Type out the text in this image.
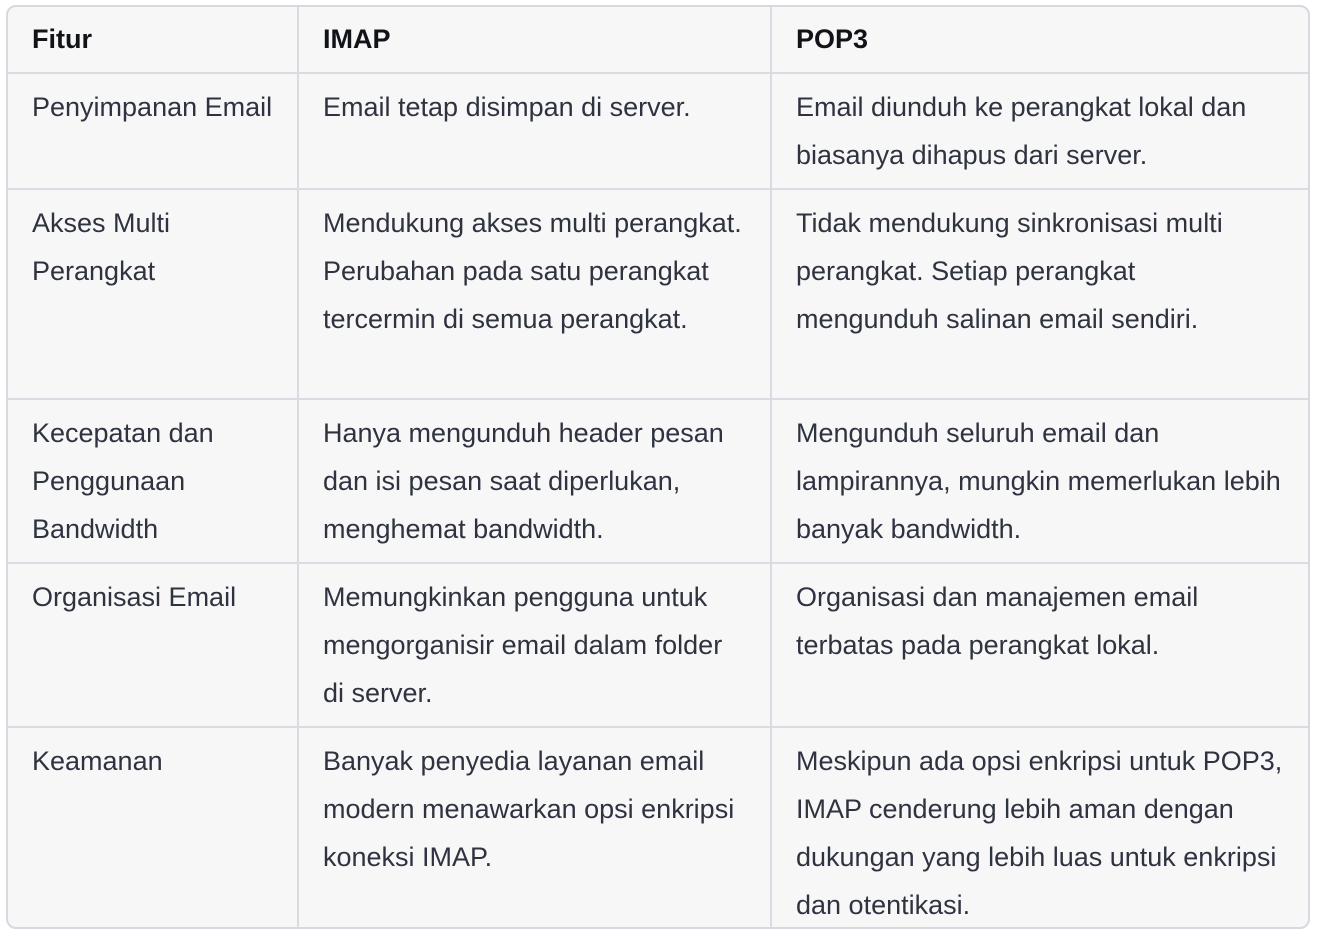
Fitur	IMAP	POP3
Penyimpanan Email	Email tetap disimpan di server.	Email diunduh ke perangkat lokal dan biasanya dihapus dari server.
Akses Multi Perangkat	Mendukung akses multi perangkat. Perubahan pada satu perangkat tercermin di semua perangkat.	Tidak mendukung sinkronisasi multi perangkat. Setiap perangkat mengunduh salinan email sendiri.
Kecepatan dan Penggunaan Bandwidth	Hanya mengunduh header pesan dan isi pesan saat diperlukan, menghemat bandwidth.	Mengunduh seluruh email dan lampirannya, mungkin memerlukan lebih banyak bandwidth.
Organisasi Email	Memungkinkan pengguna untuk mengorganisir email dalam folder di server.	Organisasi dan manajemen email terbatas pada perangkat lokal.
Keamanan	Banyak penyedia layanan email modern menawarkan opsi enkripsi koneksi IMAP.	Meskipun ada opsi enkripsi untuk POP3, IMAP cenderung lebih aman dengan dukungan yang lebih luas untuk enkripsi dan otentikasi.
